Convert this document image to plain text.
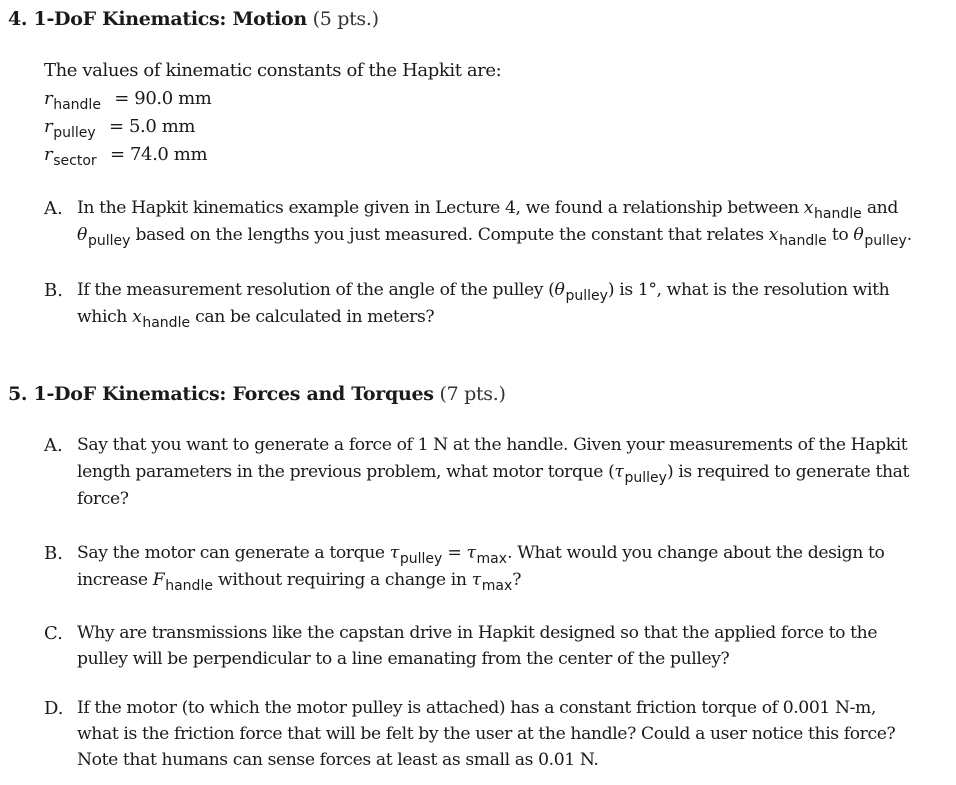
4. 1-DoF Kinematics: Motion (5 pts.)
The values of kinematic constants of the Hapkit are:
$r_{handle} = 90.0$ mm
$r_{pulley} = 5.0$ mm
$r_{sector} = 74.0$ mm
A. In the Hapkit kinematics example given in Lecture 4, we found a relationship between $x_{handle}$ and
$\theta_{pulley}$ based on the lengths you just measured. Compute the constant that relates $x_{handle}$ to $\theta_{pulley}$.
B. If the measurement resolution of the angle of the pulley $(\theta_{pulley})$ is 1°, what is the resolution with
which $x_{handle}$ can be calculated in meters?
5. 1-DoF Kinematics: Forces and Torques (7 pts.)
A. Say that you want to generate a force of 1 N at the handle. Given your measurements of the Hapkit
length parameters in the previous problem, what motor torque $(\tau_{pulley})$ is required to generate that
force?
B. Say the motor can generate a torque $\tau_{pulley} = \tau_{max}$. What would you change about the design to
increase $F_{handle}$ without requiring a change in $\tau_{max}$?
C. Why are transmissions like the capstan drive in Hapkit designed so that the applied force to the
pulley will be perpendicular to a line emanating from the center of the pulley?
D. If the motor (to which the motor pulley is attached) has a constant friction torque of 0.001 N-m,
what is the friction force that will be felt by the user at the handle? Could a user notice this force?
Note that humans can sense forces at least as small as 0.01 N.
